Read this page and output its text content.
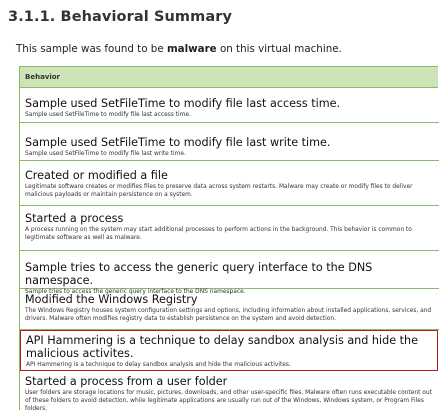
3.1.1. Behavioral Summary
This sample was found to be malware on this virtual machine.
Behavior
Sample used SetFileTime to modify file last access time.
Sample used SetFileTime to modify file last access time.
Sample used SetFileTime to modify file last write time.
Sample used SetFileTime to modify file last write time.
Created or modified a file
Legitimate software creates or modifies files to preserve data across system restarts. Malware may create or modify files to deliver malicious payloads or maintain persistence on a system.
Started a process
A process running on the system may start additional processes to perform actions in the background. This behavior is common to legitimate software as well as malware.
Sample tries to access the generic query interface to the DNS namespace.
Sample tries to access the generic query interface to the DNS namespace.
Modified the Windows Registry
The Windows Registry houses system configuration settings and options, including information about installed applications, services, and drivers. Malware often modifies registry data to establish persistence on the system and avoid detection.
API Hammering is a technique to delay sandbox analysis and hide the malicious activites.
API Hammering is a technique to delay sandbox analysis and hide the malicious activites.
Started a process from a user folder
User folders are storage locations for music, pictures, downloads, and other user-specific files. Malware often runs executable content out of these folders to avoid detection, while legitimate applications are usually run out of the Windows, Windows system, or Program Files folders.
